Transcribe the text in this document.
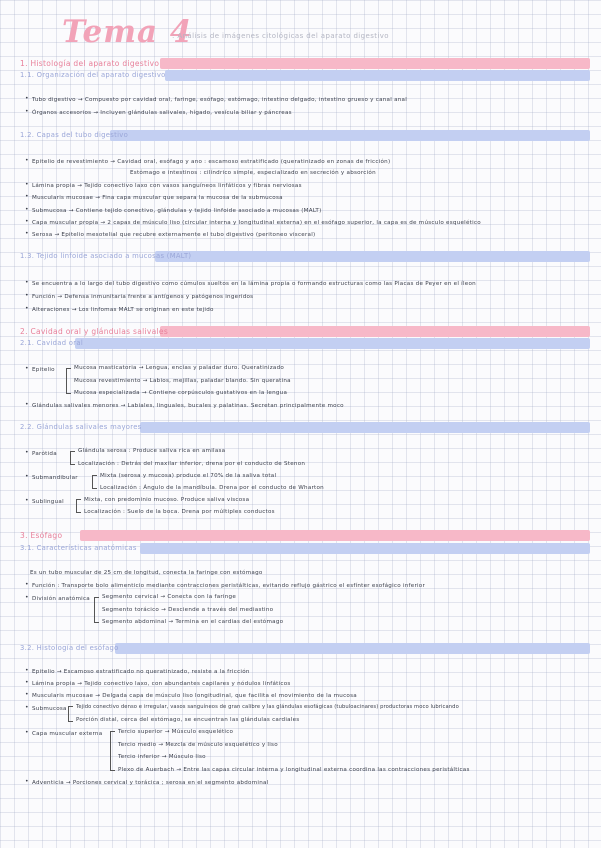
Tema 4
: Análisis de imágenes citológicas del aparato digestivo
1. Histología del aparato digestivo
1.1. Organización del aparato digestivo
• Tubo digestivo → Compuesto por cavidad oral, faringe, esófago, estómago, intestino delgado, intestino grueso y canal anal
• Órganos accesorios → Incluyen glándulas salivales, hígado, vesícula biliar y páncreas
1.2. Capas del tubo digestivo
• Epitelio de revestimiento → Cavidad oral, esófago y ano : escamoso estratificado (queratinizado en zonas de fricción)
Estómago e intestinos : cilíndrico simple, especializado en secreción y absorción
• Lámina propia → Tejido conectivo laxo con vasos sanguíneos linfáticos y fibras nerviosas
• Muscularis mucosae → Fina capa muscular que separa la mucosa de la submucosa
• Submucosa → Contiene tejido conectivo, glándulas y tejido linfoide asociado a mucosas (MALT)
• Capa muscular propia → 2 capas de músculo liso (circular interna y longitudinal externa) en el esófago superior, la capa es de músculo esquelético
• Serosa → Epitelio mesotelial que recubre externamente el tubo digestivo (peritoneo visceral)
1.3. Tejido linfoide asociado a mucosas (MALT)
• Se encuentra a lo largo del tubo digestivo como cúmulos sueltos en la lámina propia o formando estructuras como las Placas de Peyer en el íleon
• Función → Defensa inmunitaria frente a antígenos y patógenos ingeridos
• Alteraciones → Los linfomas MALT se originan en este tejido
2. Cavidad oral y glándulas salivales
2.1. Cavidad oral
• Epitelio	Mucosa masticatoria → Lengua, encías y paladar duro. Queratinizado
Mucosa revestimiento → Labios, mejillas, paladar blando. Sin queratina
Mucosa especializada → Contiene corpúsculos gustativos en la lengua
• Glándulas salivales menores → Labiales, linguales, bucales y palatinas. Secretan principalmente moco
2.2. Glándulas salivales mayores
• Parótida	Glándula serosa : Produce saliva rica en amilasa
Localización : Detrás del maxilar inferior, drena por el conducto de Stenon
• Submandibular	Mixta (serosa y mucosa) produce el 70% de la saliva total
Localización : Ángulo de la mandíbula. Drena por el conducto de Wharton
• Sublingual	Mixta, con predominio mucoso. Produce saliva viscosa
Localización : Suelo de la boca. Drena por múltiples conductos
3. Esófago
3.1. Características anatómicas
Es un tubo muscular de 25 cm de longitud, conecta la faringe con estómago
• Función : Transporte bolo alimenticio mediante contracciones peristálticas, evitando reflujo gástrico el esfínter esofágico inferior
• División anatómica Segmento cervical → Conecta con la faringe
Segmento torácico → Desciende a través del mediastino
Segmento abdominal → Termina en el cardias del estómago
3.2. Histología del esófago
• Epitelio → Escamoso estratificado no queratinizado, resiste a la fricción
• Lámina propia → Tejido conectivo laxo, con abundantes capilares y nódulos linfáticos
• Muscularis mucosae → Delgada capa de músculo liso longitudinal, que facilita el movimiento de la mucosa
• Submucosa Tejido conectivo denso e irregular, vasos sanguíneos de gran calibre y las glándulas esofágicas (tubuloacinares) productoras moco lubricando
Porción distal, cerca del estómago, se encuentran las glándulas cardiales
• Capa muscular externa	Tercio superior → Músculo esquelético
Tercio medio → Mezcla de músculo esquelético y liso
Tercio inferior → Músculo liso
Plexo de Auerbach → Entre las capas circular interna y longitudinal externa coordina las contracciones peristálticas
• Adventicia → Porciones cervical y torácica ; serosa en el segmento abdominal
